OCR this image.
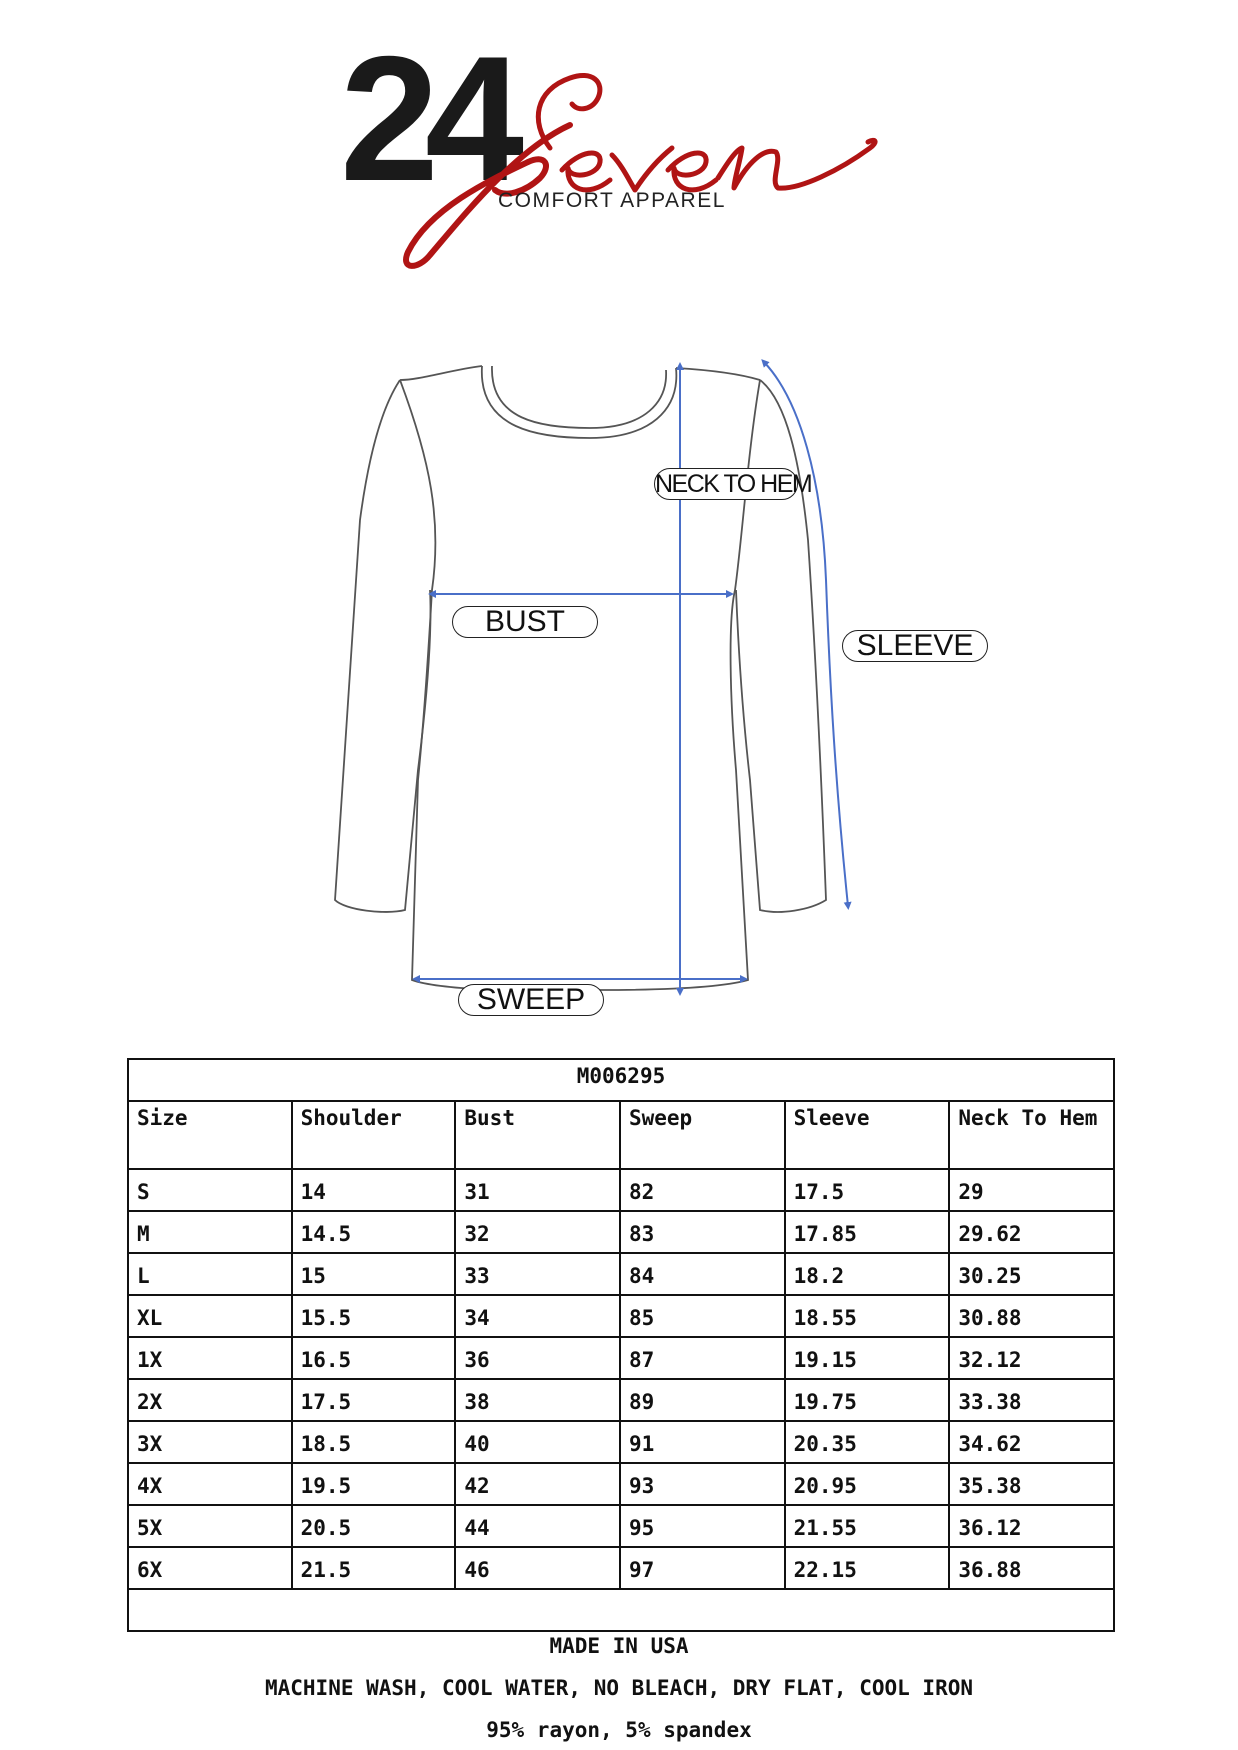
24
COMFORT APPAREL
NECK TO HEM
BUST
SLEEVE
SWEEP
M006295					
Size	Shoulder	Bust	Sweep	Sleeve	Neck To Hem
S	14	31	82	17.5	29
M	14.5	32	83	17.85	29.62
L	15	33	84	18.2	30.25
XL	15.5	34	85	18.55	30.88
1X	16.5	36	87	19.15	32.12
2X	17.5	38	89	19.75	33.38
3X	18.5	40	91	20.35	34.62
4X	19.5	42	93	20.95	35.38
5X	20.5	44	95	21.55	36.12
6X	21.5	46	97	22.15	36.88

MADE IN USA
MACHINE WASH, COOL WATER, NO BLEACH, DRY FLAT, COOL IRON
95% rayon, 5% spandex
